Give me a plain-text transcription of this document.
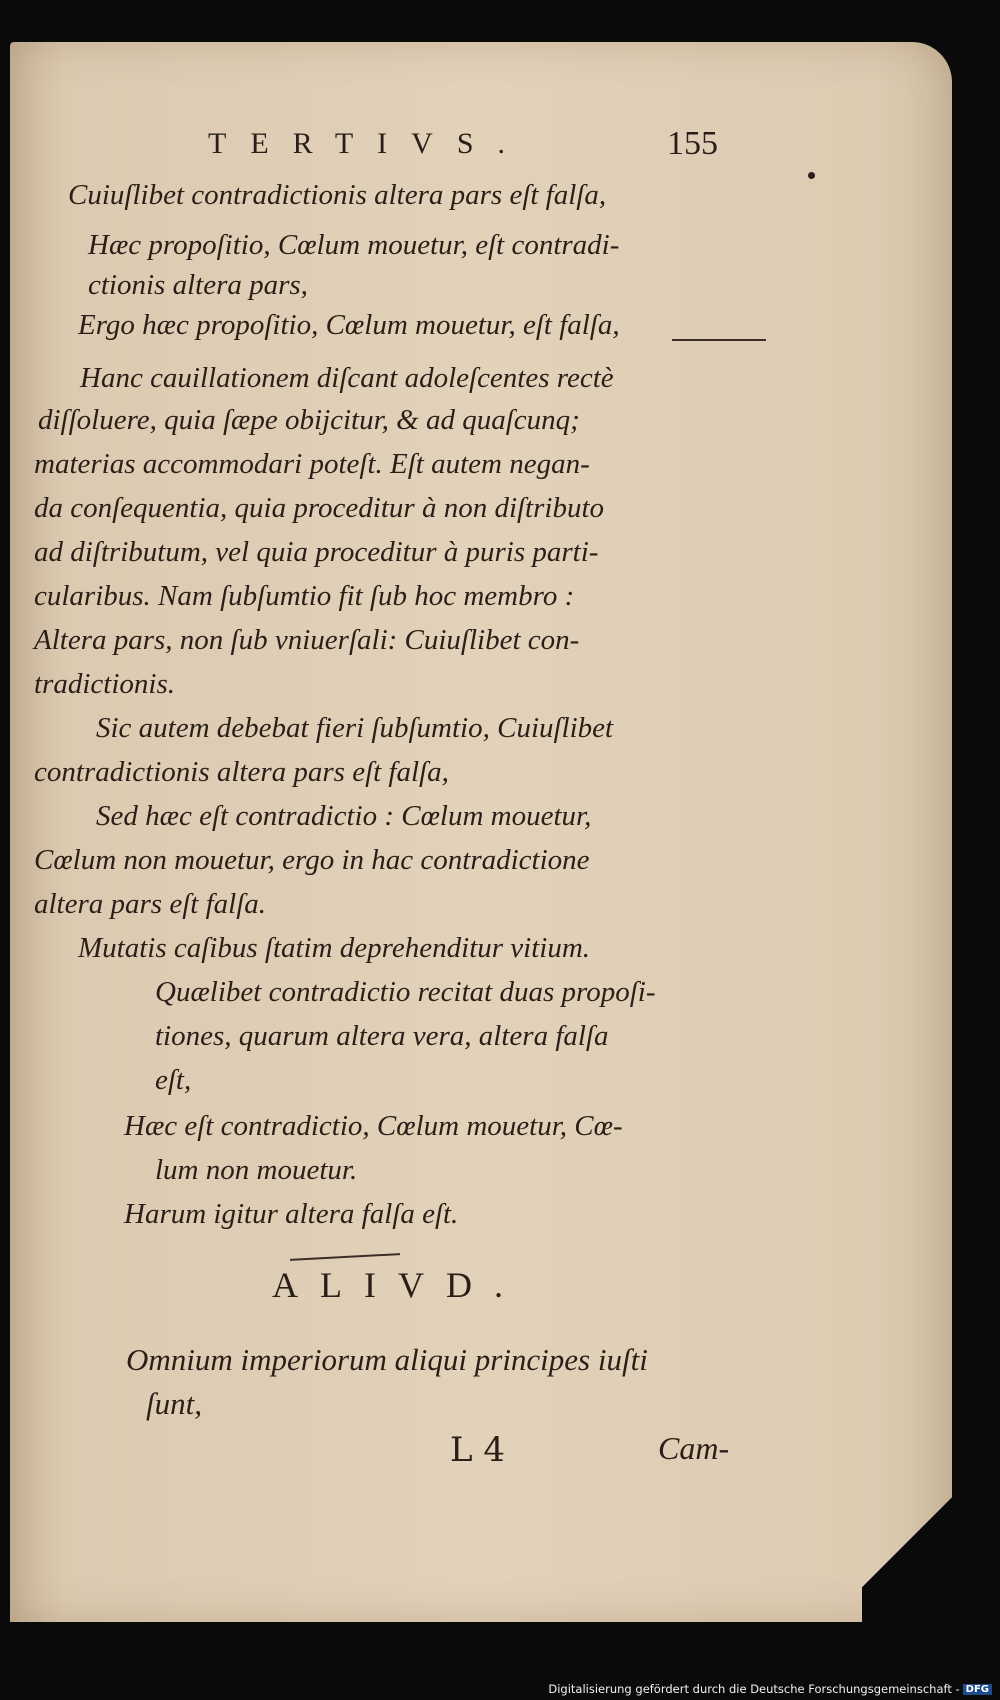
TERTIVS.	155
Cuiuſlibet contradictionis altera pars eſt falſa,
Hæc propoſitio, Cœlum mouetur, eſt contradi-
ctionis altera pars,
Ergo hæc propoſitio, Cœlum mouetur, eſt falſa,
Hanc cauillationem diſcant adoleſcentes rectè
diſſoluere, quia ſæpe obijcitur, & ad quaſcunq;
materias accommodari poteſt. Eſt autem negan-
da conſequentia, quia proceditur à non diſtributo
ad diſtributum, vel quia proceditur à puris parti-
cularibus. Nam ſubſumtio fit ſub hoc membro :
Altera pars, non ſub vniuerſali: Cuiuſlibet con-
tradictionis.
Sic autem debebat fieri ſubſumtio, Cuiuſlibet
contradictionis altera pars eſt falſa,
Sed hæc eſt contradictio : Cœlum mouetur,
Cœlum non mouetur, ergo in hac contradictione
altera pars eſt falſa.
Mutatis caſibus ſtatim deprehenditur vitium.
Quælibet contradictio recitat duas propoſi-
tiones, quarum altera vera, altera falſa
eſt,
Hæc eſt contradictio, Cœlum mouetur, Cœ-
lum non mouetur.
Harum igitur altera falſa eſt.
ALIVD.
Omnium imperiorum aliqui principes iuſti
ſunt,
L 4	Cam-
Digitalisierung gefördert durch die Deutsche Forschungsgemeinschaft - DFG
